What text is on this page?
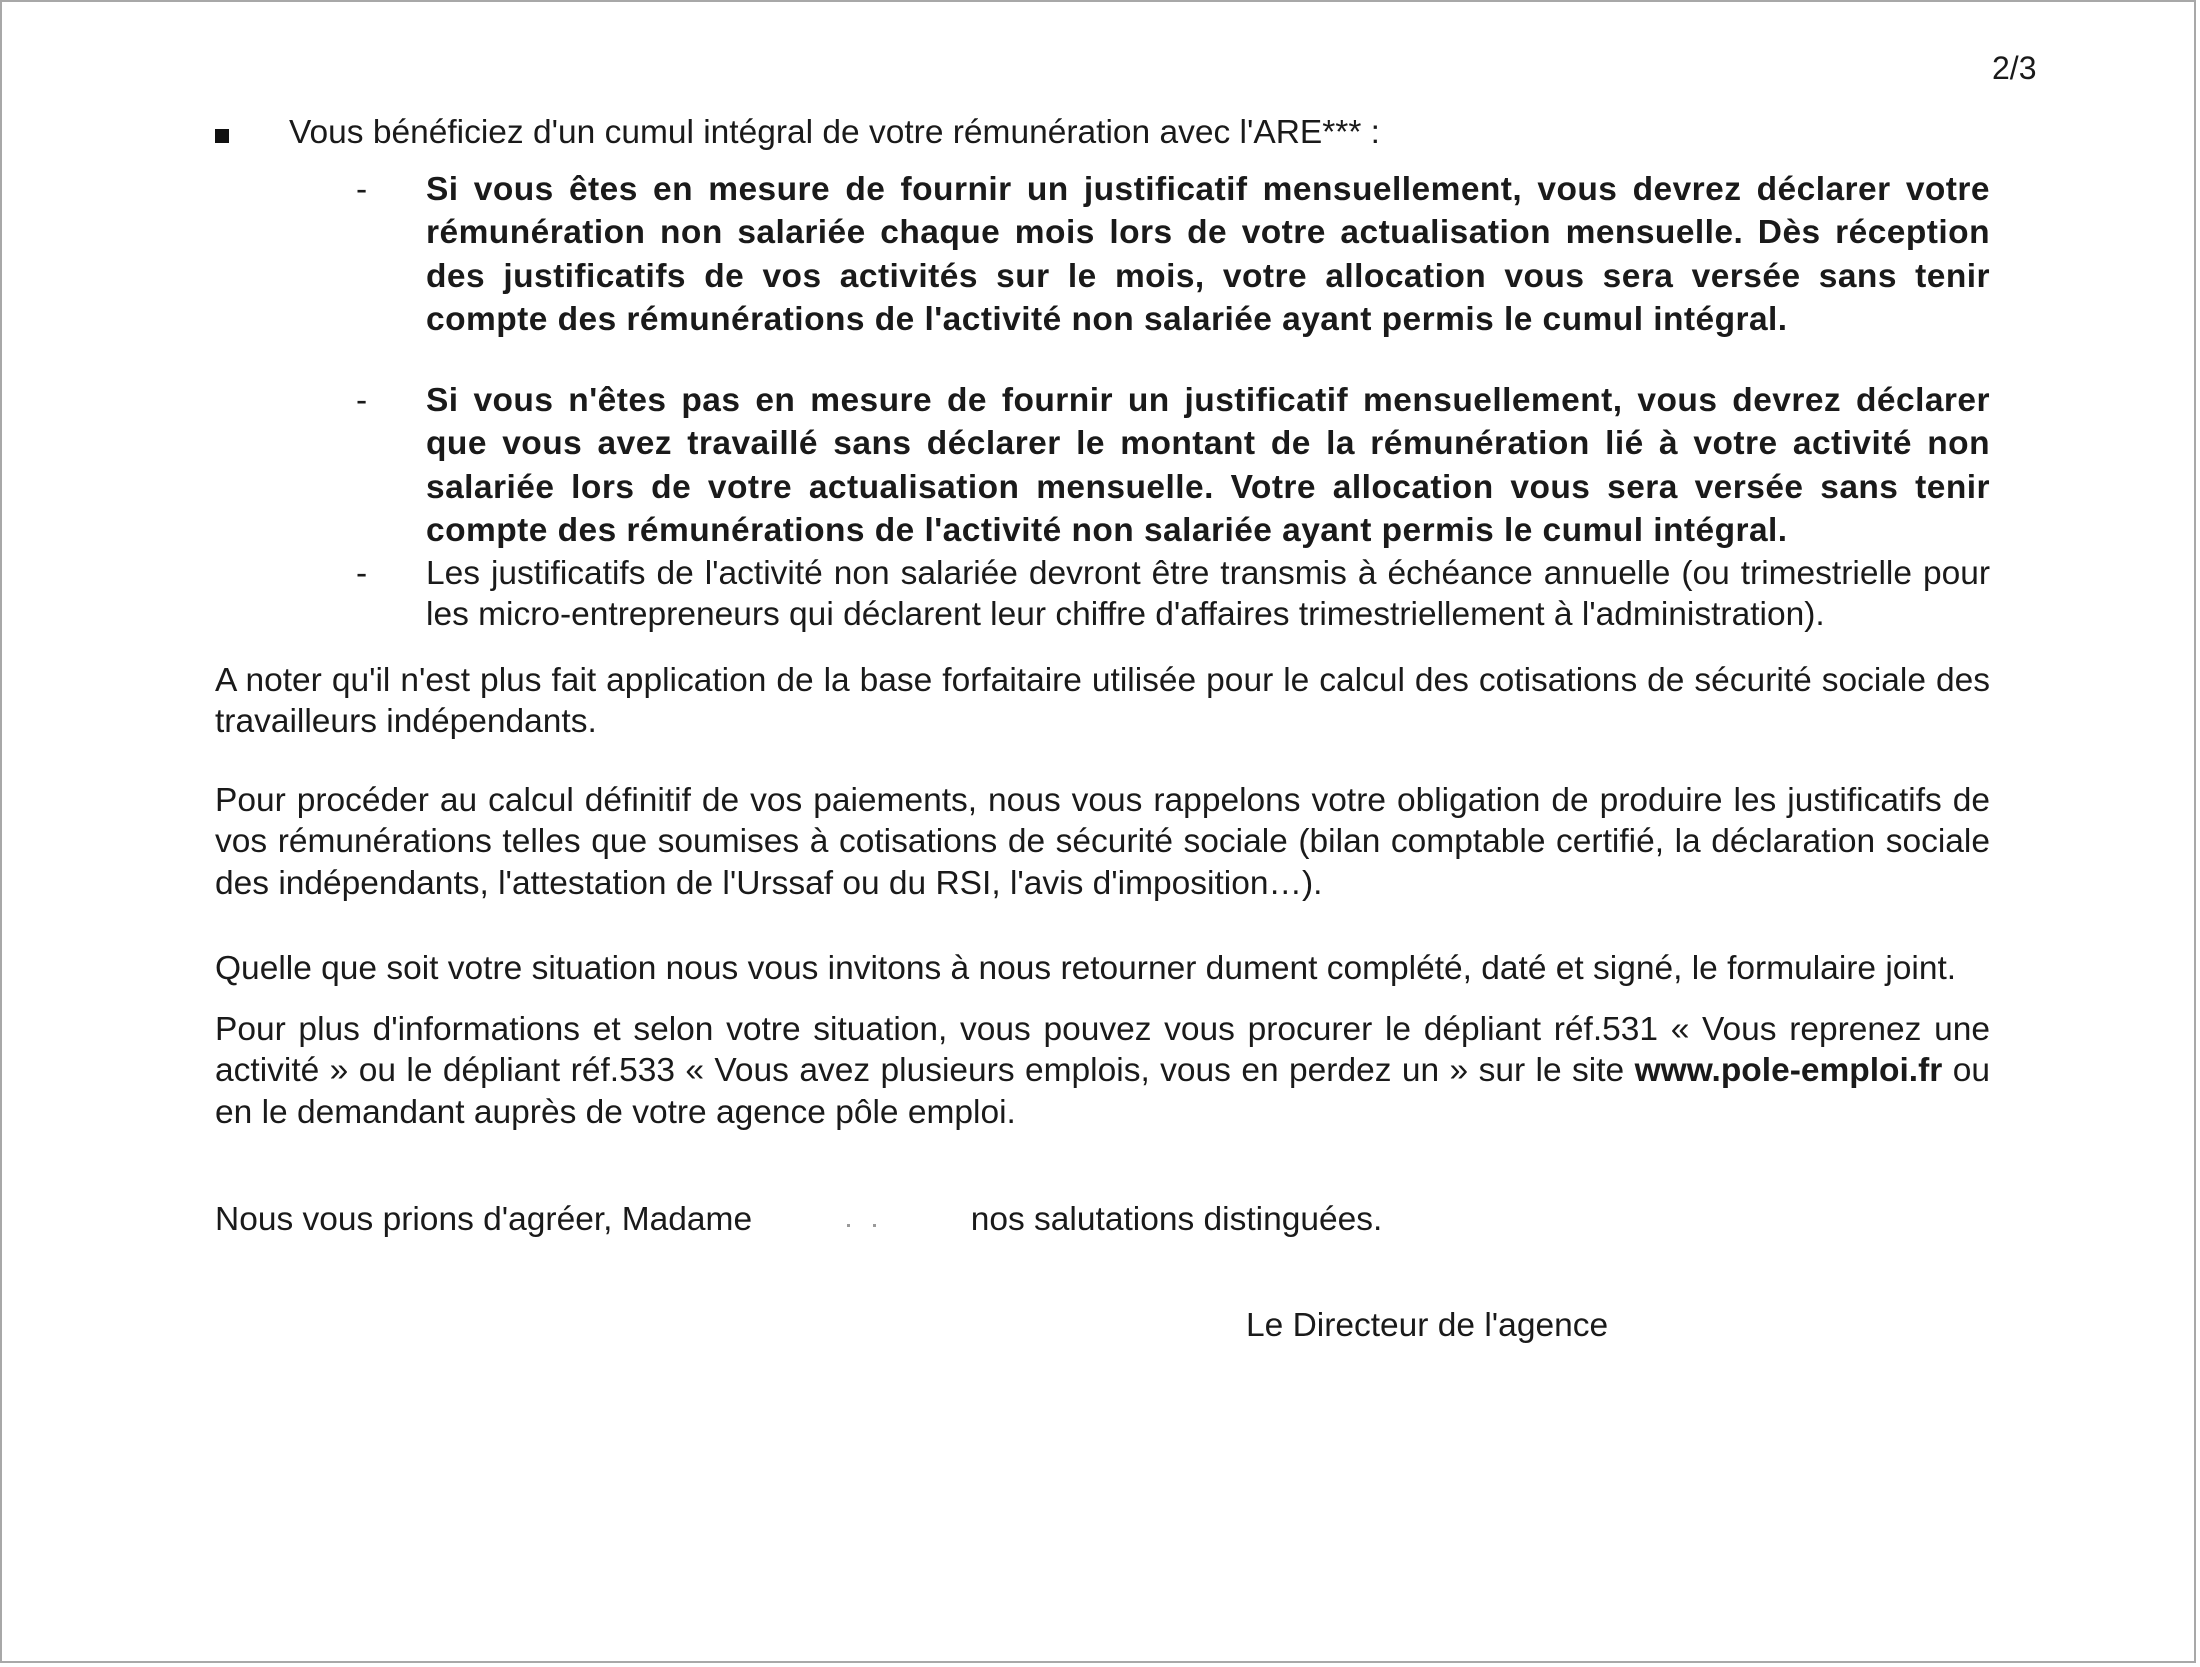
2/3
Vous bénéficiez d'un cumul intégral de votre rémunération avec l'ARE*** :
- Si vous êtes en mesure de fournir un justificatif mensuellement, vous devrez déclarer votre rémunération non salariée chaque mois lors de votre actualisation mensuelle. Dès réception des justificatifs de vos activités sur le mois, votre allocation vous sera versée sans tenir compte des rémunérations de l'activité non salariée ayant permis le cumul intégral.
- Si vous n'êtes pas en mesure de fournir un justificatif mensuellement, vous devrez déclarer que vous avez travaillé sans déclarer le montant de la rémunération lié à votre activité non salariée lors de votre actualisation mensuelle. Votre allocation vous sera versée sans tenir compte des rémunérations de l'activité non salariée ayant permis le cumul intégral.
- Les justificatifs de l'activité non salariée devront être transmis à échéance annuelle (ou trimestrielle pour les micro-entrepreneurs qui déclarent leur chiffre d'affaires trimestriellement à l'administration).

A noter qu'il n'est plus fait application de la base forfaitaire utilisée pour le calcul des cotisations de sécurité sociale des travailleurs indépendants.

Pour procéder au calcul définitif de vos paiements, nous vous rappelons votre obligation de produire les justificatifs de vos rémunérations telles que soumises à cotisations de sécurité sociale (bilan comptable certifié, la déclaration sociale des indépendants, l'attestation de l'Urssaf ou du RSI, l'avis d'imposition…).

Quelle que soit votre situation nous vous invitons à nous retourner dument complété, daté et signé, le formulaire joint.

Pour plus d'informations et selon votre situation, vous pouvez vous procurer le dépliant réf.531 « Vous reprenez une activité » ou le dépliant réf.533 « Vous avez plusieurs emplois, vous en perdez un » sur le site www.pole-emploi.fr ou en le demandant auprès de votre agence pôle emploi.

Nous vous prions d'agréer, Madame	nos salutations distinguées.

Le Directeur de l'agence
